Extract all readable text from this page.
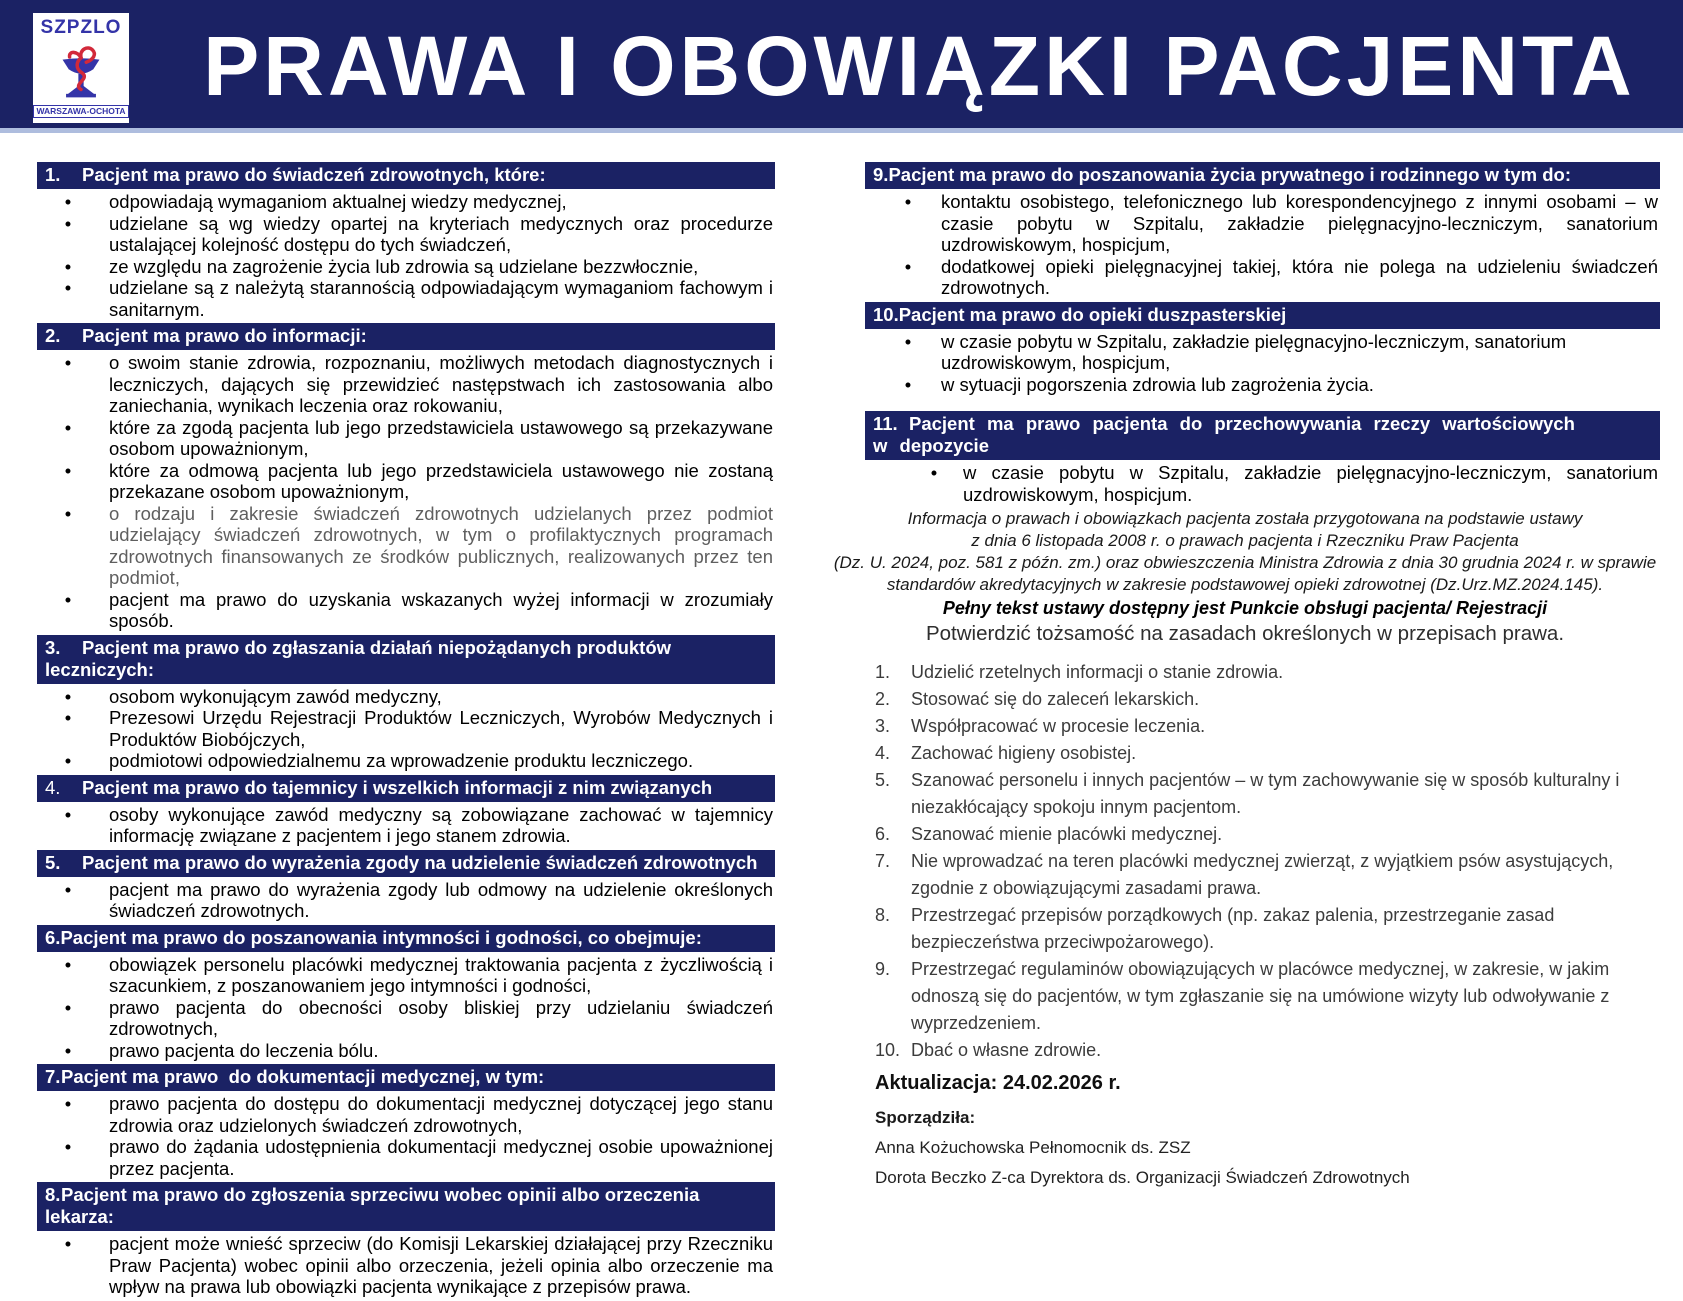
SZPZLO
WARSZAWA-OCHOTA PRAWA I OBOWIĄZKI PACJENTA
1. Pacjent ma prawo do świadczeń zdrowotnych, które:
• odpowiadają wymaganiom aktualnej wiedzy medycznej,
• udzielane są wg wiedzy opartej na kryteriach medycznych oraz procedurze ustalającej kolejność dostępu do tych świadczeń,
• ze względu na zagrożenie życia lub zdrowia są udzielane bezzwłocznie,
• udzielane są z należytą starannością odpowiadającym wymaganiom fachowym i sanitarnym.
2. Pacjent ma prawo do informacji:
• o swoim stanie zdrowia, rozpoznaniu, możliwych metodach diagnostycznych i leczniczych, dających się przewidzieć następstwach ich zastosowania albo zaniechania, wynikach leczenia oraz rokowaniu,
• które za zgodą pacjenta lub jego przedstawiciela ustawowego są przekazywane osobom upoważnionym,
• które za odmową pacjenta lub jego przedstawiciela ustawowego nie zostaną przekazane osobom upoważnionym,
• o rodzaju i zakresie świadczeń zdrowotnych udzielanych przez podmiot udzielający świadczeń zdrowotnych, w tym o profilaktycznych programach zdrowotnych finansowanych ze środków publicznych, realizowanych przez ten podmiot,
• pacjent ma prawo do uzyskania wskazanych wyżej informacji w zrozumiały sposób.
3. Pacjent ma prawo do zgłaszania działań niepożądanych produktów leczniczych:
• osobom wykonującym zawód medyczny,
• Prezesowi Urzędu Rejestracji Produktów Leczniczych, Wyrobów Medycznych i Produktów Biobójczych,
• podmiotowi odpowiedzialnemu za wprowadzenie produktu leczniczego.
4. Pacjent ma prawo do tajemnicy i wszelkich informacji z nim związanych
• osoby wykonujące zawód medyczny są zobowiązane zachować w tajemnicy informację związane z pacjentem i jego stanem zdrowia.
5. Pacjent ma prawo do wyrażenia zgody na udzielenie świadczeń zdrowotnych
• pacjent ma prawo do wyrażenia zgody lub odmowy na udzielenie określonych świadczeń zdrowotnych.
6.Pacjent ma prawo do poszanowania intymności i godności, co obejmuje:
• obowiązek personelu placówki medycznej traktowania pacjenta z życzliwością i szacunkiem, z poszanowaniem jego intymności i godności,
• prawo pacjenta do obecności osoby bliskiej przy udzielaniu świadczeń zdrowotnych,
• prawo pacjenta do leczenia bólu.
7.Pacjent ma prawo  do dokumentacji medycznej, w tym:
• prawo pacjenta do dostępu do dokumentacji medycznej dotyczącej jego stanu zdrowia oraz udzielonych świadczeń zdrowotnych,
• prawo do żądania udostępnienia dokumentacji medycznej osobie upoważnionej przez pacjenta.
8.Pacjent ma prawo do zgłoszenia sprzeciwu wobec opinii albo orzeczenia lekarza:
• pacjent może wnieść sprzeciw (do Komisji Lekarskiej działającej przy Rzeczniku Praw Pacjenta) wobec opinii albo orzeczenia, jeżeli opinia albo orzeczenie ma wpływ na prawa lub obowiązki pacjenta wynikające z przepisów prawa.
9.Pacjent ma prawo do poszanowania życia prywatnego i rodzinnego w tym do:
• kontaktu osobistego, telefonicznego lub korespondencyjnego z innymi osobami – w czasie pobytu w Szpitalu, zakładzie pielęgnacyjno-leczniczym, sanatorium uzdrowiskowym, hospicjum,
• dodatkowej opieki pielęgnacyjnej takiej, która nie polega na udzieleniu świadczeń zdrowotnych.
10.Pacjent ma prawo do opieki duszpasterskiej
• w czasie pobytu w Szpitalu, zakładzie pielęgnacyjno-leczniczym, sanatorium uzdrowiskowym, hospicjum,
• w sytuacji pogorszenia zdrowia lub zagrożenia życia.
11. Pacjent ma prawo pacjenta do przechowywania rzeczy wartościowych
w depozycie
• w czasie pobytu w Szpitalu, zakładzie pielęgnacyjno-leczniczym, sanatorium uzdrowiskowym, hospicjum.
Informacja o prawach i obowiązkach pacjenta została przygotowana na podstawie ustawy
z dnia 6 listopada 2008 r. o prawach pacjenta i Rzeczniku Praw Pacjenta
(Dz. U. 2024, poz. 581 z późn. zm.) oraz obwieszczenia Ministra Zdrowia z dnia 30 grudnia 2024 r. w sprawie
standardów akredytacyjnych w zakresie podstawowej opieki zdrowotnej (Dz.Urz.MZ.2024.145).
Pełny tekst ustawy dostępny jest Punkcie obsługi pacjenta/ Rejestracji
Potwierdzić tożsamość na zasadach określonych w przepisach prawa.
1.	Udzielić rzetelnych informacji o stanie zdrowia.
2.	Stosować się do zaleceń lekarskich.
3.	Współpracować w procesie leczenia.
4.	Zachować higieny osobistej.
5.	Szanować personelu i innych pacjentów – w tym zachowywanie się w sposób kulturalny i niezakłócający spokoju innym pacjentom.
6.	Szanować mienie placówki medycznej.
7.	Nie wprowadzać na teren placówki medycznej zwierząt, z wyjątkiem psów asystujących, zgodnie z obowiązującymi zasadami prawa.
8.	Przestrzegać przepisów porządkowych (np. zakaz palenia, przestrzeganie zasad bezpieczeństwa przeciwpożarowego).
9.	Przestrzegać regulaminów obowiązujących w placówce medycznej, w zakresie, w jakim odnoszą się do pacjentów, w tym zgłaszanie się na umówione wizyty lub odwoływanie z wyprzedzeniem.
10. Dbać o własne zdrowie.
Aktualizacja: 24.02.2026 r.
Sporządziła:
Anna Kożuchowska Pełnomocnik ds. ZSZ
Dorota Beczko Z-ca Dyrektora ds. Organizacji Świadczeń Zdrowotnych
